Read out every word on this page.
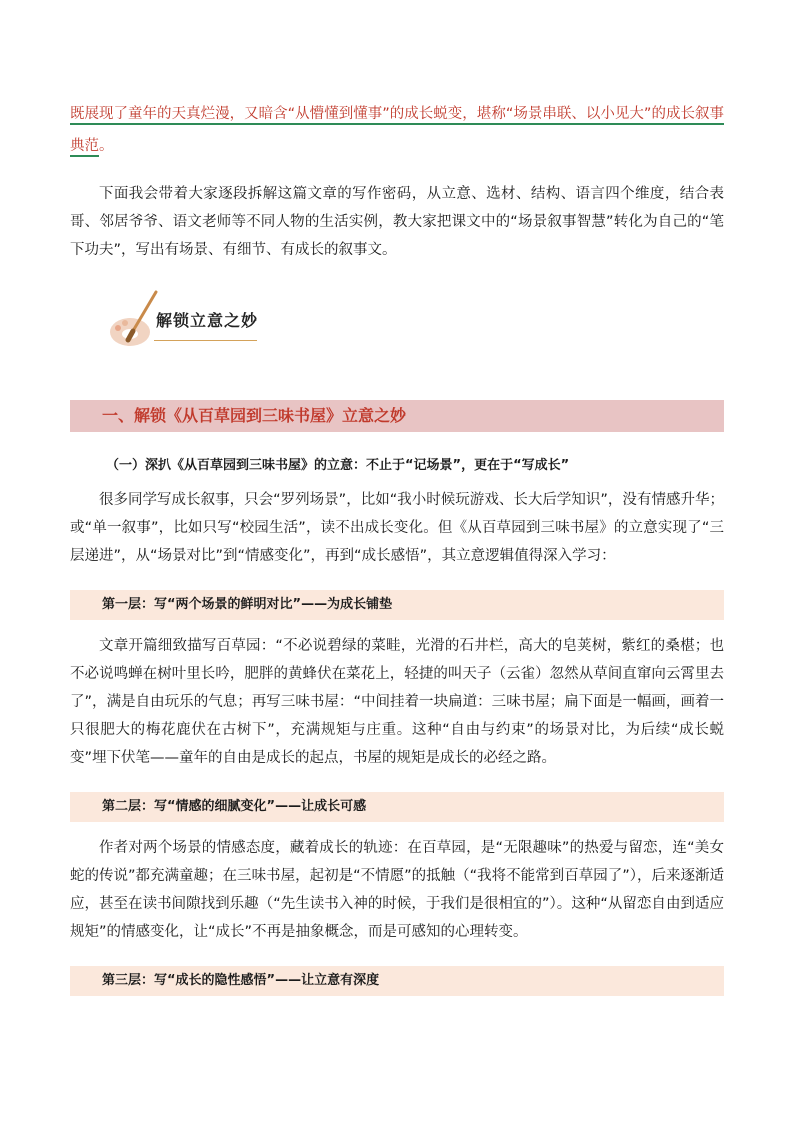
既展现了童年的天真烂漫，又暗含“从懵懂到懂事”的成长蜕变，堪称“场景串联、以小见大”的成长叙事典范。

下面我会带着大家逐段拆解这篇文章的写作密码，从立意、选材、结构、语言四个维度，结合表哥、邻居爷爷、语文老师等不同人物的生活实例，教大家把课文中的“场景叙事智慧”转化为自己的“笔下功夫”，写出有场景、有细节、有成长的叙事文。

解锁立意之妙
一、解锁《从百草园到三味书屋》立意之妙
（一）深扒《从百草园到三味书屋》的立意：不止于“记场景”，更在于“写成长”

很多同学写成长叙事，只会“罗列场景”，比如“我小时候玩游戏、长大后学知识”，没有情感升华；或“单一叙事”，比如只写“校园生活”，读不出成长变化。但《从百草园到三味书屋》的立意实现了“三层递进”，从“场景对比”到“情感变化”，再到“成长感悟”，其立意逻辑值得深入学习：

第一层：写“两个场景的鲜明对比”——为成长铺垫

文章开篇细致描写百草园：“不必说碧绿的菜畦，光滑的石井栏，高大的皂荚树，紫红的桑椹；也不必说鸣蝉在树叶里长吟，肥胖的黄蜂伏在菜花上，轻捷的叫天子（云雀）忽然从草间直窜向云霄里去了”，满是自由玩乐的气息；再写三味书屋：“中间挂着一块扁道：三味书屋；扁下面是一幅画，画着一只很肥大的梅花鹿伏在古树下”，充满规矩与庄重。这种“自由与约束”的场景对比，为后续“成长蜕变”埋下伏笔——童年的自由是成长的起点，书屋的规矩是成长的必经之路。

第二层：写“情感的细腻变化”——让成长可感

作者对两个场景的情感态度，藏着成长的轨迹：在百草园，是“无限趣味”的热爱与留恋，连“美女蛇的传说”都充满童趣；在三味书屋，起初是“不情愿”的抵触（“我将不能常到百草园了”），后来逐渐适应，甚至在读书间隙找到乐趣（“先生读书入神的时候，于我们是很相宜的”）。这种“从留恋自由到适应规矩”的情感变化，让“成长”不再是抽象概念，而是可感知的心理转变。

第三层：写“成长的隐性感悟”——让立意有深度
